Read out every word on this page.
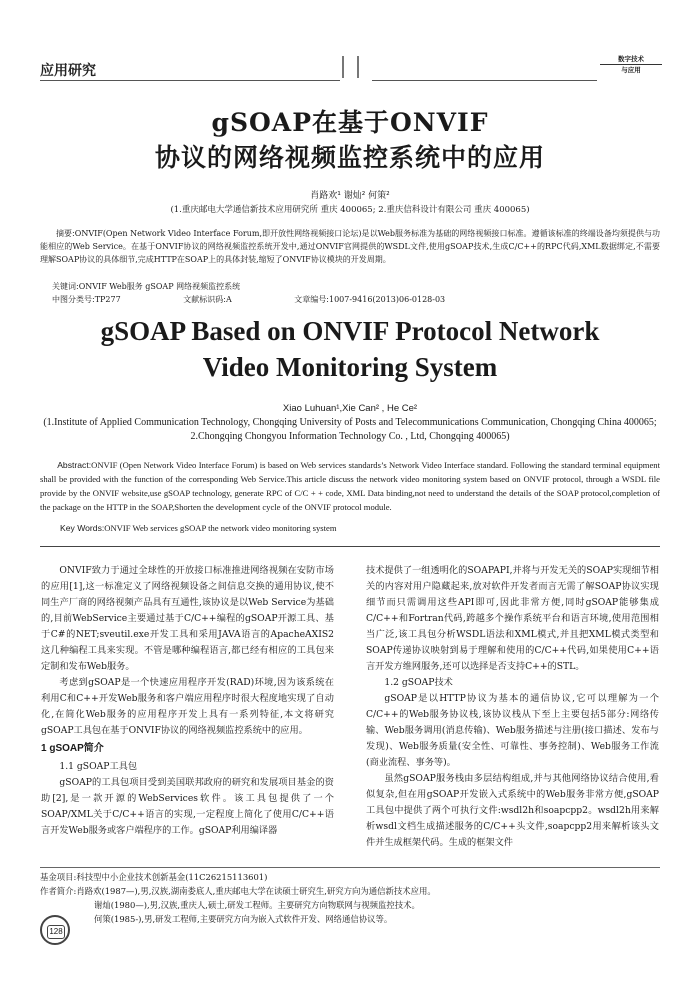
应用研究
数字技术
与应用
gSOAP在基于ONVIF
协议的网络视频监控系统中的应用
肖路欢¹ 谢灿² 何策²
(1.重庆邮电大学通信新技术应用研究所 重庆 400065; 2.重庆信科设计有限公司 重庆 400065)
摘要:ONVIF(Open Network Video Interface Forum,即开放性网络视频接口论坛)是以Web服务标准为基础的网络视频接口标准。遵循该标准的终端设备均须提供与功能相应的Web Service。在基于ONVIF协议的网络视频监控系统开发中,通过ONVIF官网提供的WSDL文件,使用gSOAP技术,生成C/C++的RPC代码,XML数据绑定,不需要理解SOAP协议的具体细节,完成HTTP在SOAP上的具体封装,缩短了ONVIF协议模块的开发周期。
关键词:ONVIF Web服务 gSOAP 网络视频监控系统
中图分类号:TP277	文献标识码:A	文章编号:1007-9416(2013)06-0128-03
gSOAP Based on ONVIF Protocol Network
Video Monitoring System
Xiao Luhuan¹,Xie Can² , He Ce²
(1.Institute of Applied Communication Technology, Chongqing University of Posts and Telecommunications Communication, Chongqing China 400065; 2.Chongqing Chongyou Information Technology Co. , Ltd, Chongqing 400065)
Abstract:ONVIF (Open Network Video Interface Forum) is based on Web services standards’s Network Video Interface standard. Following the standard terminal equipment shall be provided with the function of the corresponding Web Service.This article discuss the network video monitoring system based on ONVIF protocol, through a WSDL file provide by the ONVIF website,use gSOAP technology, generate RPC of C/C + + code, XML Data binding,not need to understand the details of the SOAP protocol,completion of the package on the HTTP in the SOAP,Shorten the development cycle of the ONVIF protocol module.
Key Words:ONVIF Web services gSOAP the network video monitoring system

ONVIF致力于通过全球性的开放接口标准推进网络视频在安防市场的应用[1],这一标准定义了网络视频设备之间信息交换的通用协议,使不同生产厂商的网络视频产品具有互通性,该协议是以Web Service为基础的,目前WebService主要通过基于C/C++编程的gSOAP开源工具、基于C#的NET;sveutil.exe开发工具和采用JAVA语言的ApacheAXIS2这几种编程工具来实现。不管是哪种编程语言,都已经有相应的工具包来定制和发布Web服务。

考虑到gSOAP是一个快速应用程序开发(RAD)环境,因为该系统在利用C和C++开发Web服务和客户端应用程序时很大程度地实现了自动化,在简化Web服务的应用程序开发上具有一系列特征,本文将研究gSOAP工具包在基于ONVIF协议的网络视频监控系统中的应用。

1 gSOAP简介
1.1 gSOAP工具包

gSOAP的工具包项目受到美国联邦政府的研究和发展项目基金的资助[2],是一款开源的WebServices软件。该工具包提供了一个SOAP/XML关于C/C++语言的实现,一定程度上简化了使用C/C++语言开发Web服务或客户端程序的工作。gSOAP利用编译器

技术提供了一组透明化的SOAPAPI,并将与开发无关的SOAP实现细节相关的内容对用户隐藏起来,放对软件开发者而言无需了解SOAP协议实现细节而只需调用这些API即可,因此非常方便,同时gSOAP能够集成C/C++和Fortran代码,跨越多个操作系统平台和语言环境,使用范围相当广泛,该工具包分析WSDL语法和XML模式,并且把XML模式类型和SOAP传递协议映射到易于理解和使用的C/C++代码,如果使用C++语言开发方维网服务,还可以选择是否支持C++的STL。

1.2 gSOAP技术

gSOAP是以HTTP协议为基本的通信协议,它可以理解为一个C/C++的Web服务协议栈,该协议栈从下至上主要包括5部分:网络传输、Web服务调用(消息传输)、Web服务描述与注册(接口描述、发布与发现)、Web服务质量(安全性、可靠性、事务控制)、Web服务工作流(商业流程、事务等)。

虽然gSOAP服务栈由多层结构组成,并与其他网络协议结合使用,看似复杂,但在用gSOAP开发嵌入式系统中的Web服务非常方便,gSOAP工具包中提供了两个可执行文件:wsdl2h和soapcpp2。wsdl2h用来解析wsdl文档生成描述服务的C/C++头文件,soapcpp2用来解析该头文件并生成框架代码。生成的框架文件

基金项目:科技型中小企业技术创新基金(11C26215113601)
作者简介:肖路欢(1987—),男,汉族,湖南娄底人,重庆邮电大学在读硕士研究生,研究方向为通信新技术应用。
谢灿(1980—),男,汉族,重庆人,硕士,研发工程师。主要研究方向物联网与视频监控技术。
何策(1985-),男,研发工程师,主要研究方向为嵌入式软件开发、网络通信协议等。
128
